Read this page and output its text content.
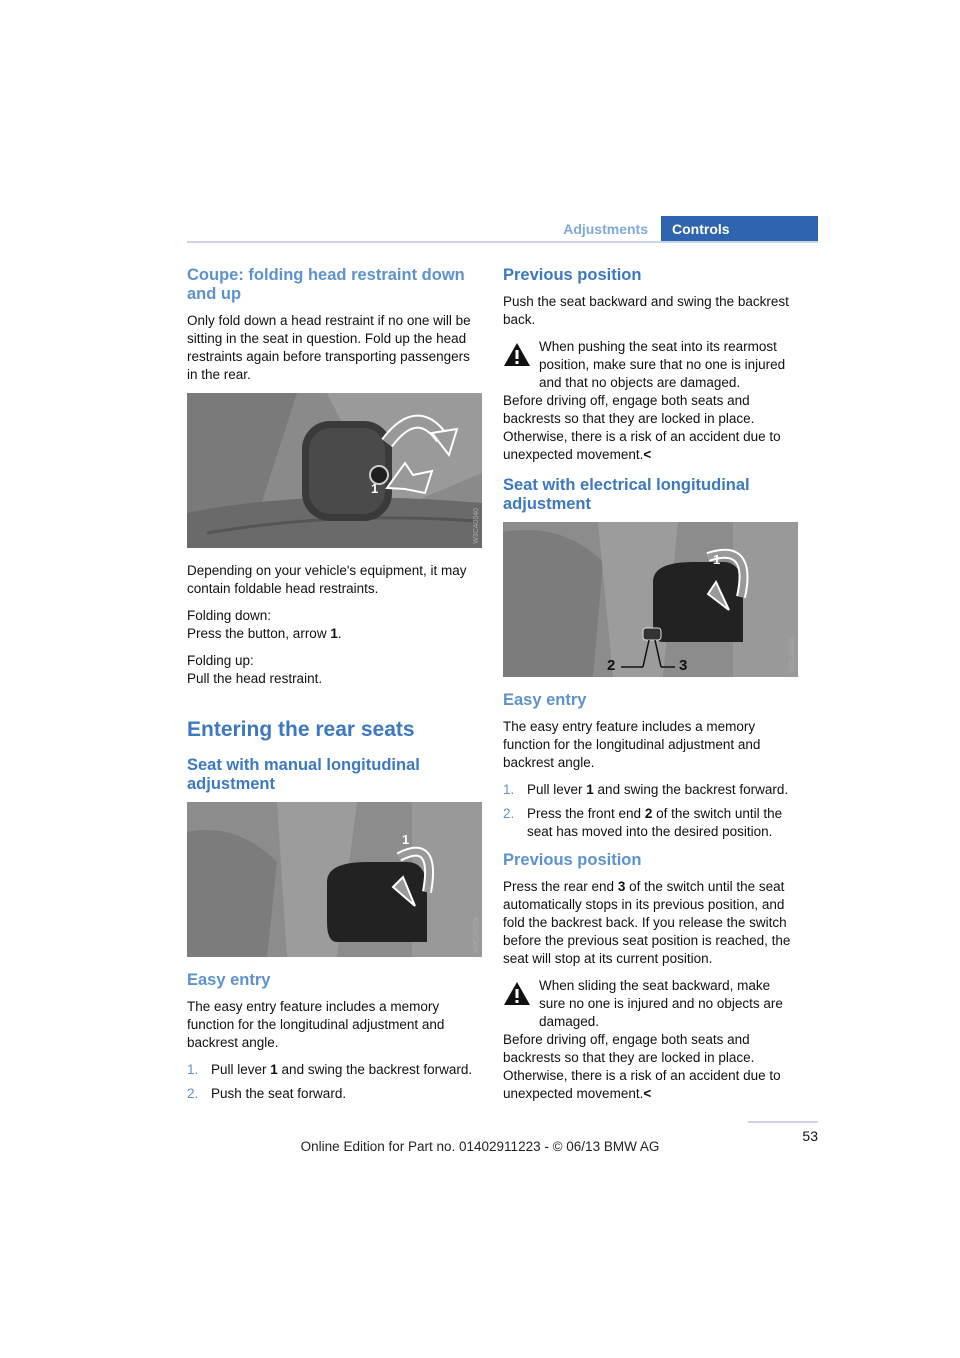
Adjustments	Controls
Coupe: folding head restraint down and up

Only fold down a head restraint if no one will be sitting in the seat in question. Fold up the head restraints again before transporting passengers in the rear.

1
W3CA0040

Depending on your vehicle's equipment, it may contain foldable head restraints.

Folding down:
Press the button, arrow 1.

Folding up:
Pull the head restraint.

Entering the rear seats
Seat with manual longitudinal adjustment
1
W3CA0024
Easy entry

The easy entry feature includes a memory function for the longitudinal adjustment and backrest angle.

1. Pull lever 1 and swing the backrest forward.
2. Push the seat forward.
Previous position

Push the seat backward and swing the backrest back.

When pushing the seat into its rearmost position, make sure that no one is injured and that no objects are damaged.

Before driving off, engage both seats and backrests so that they are locked in place. Otherwise, there is a risk of an accident due to unexpected movement.<

Seat with electrical longitudinal adjustment
1
2	3	W3CA0045
Easy entry

The easy entry feature includes a memory function for the longitudinal adjustment and backrest angle.

1. Pull lever 1 and swing the backrest forward.
2. Press the front end 2 of the switch until the seat has moved into the desired position.
Previous position

Press the rear end 3 of the switch until the seat automatically stops in its previous position, and fold the backrest back. If you release the switch before the previous seat position is reached, the seat will stop at its current position.

When sliding the seat backward, make sure no one is injured and no objects are damaged.

Before driving off, engage both seats and backrests so that they are locked in place. Otherwise, there is a risk of an accident due to unexpected movement.<

53
Online Edition for Part no. 01402911223 - © 06/13 BMW AG
